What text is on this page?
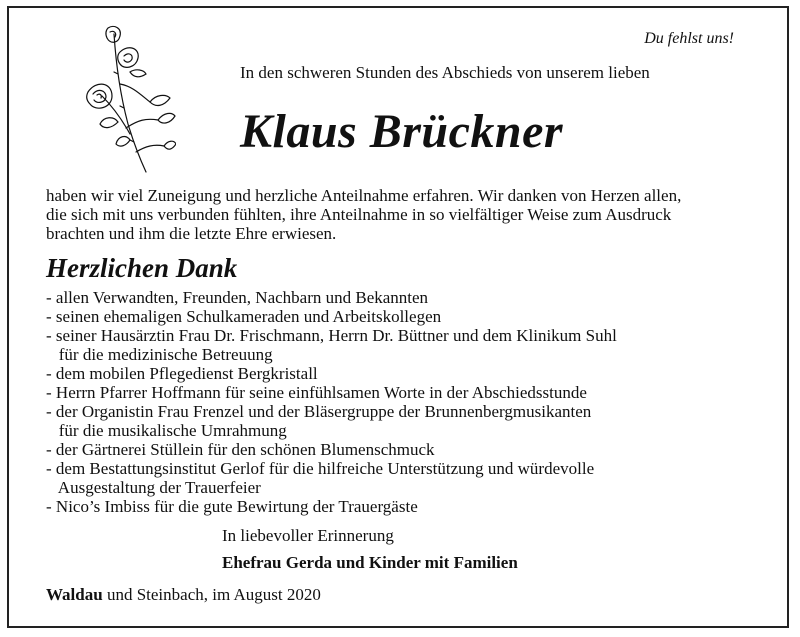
Du fehlst uns!
In den schweren Stunden des Abschieds von unserem lieben
Klaus Brückner
haben wir viel Zuneigung und herzliche Anteilnahme erfahren. Wir danken von Herzen allen,
die sich mit uns verbunden fühlten, ihre Anteilnahme in so vielfältiger Weise zum Ausdruck
brachten und ihm die letzte Ehre erwiesen.
Herzlichen Dank
- allen Verwandten, Freunden, Nachbarn und Bekannten
- seinen ehemaligen Schulkameraden und Arbeitskollegen
- seiner Hausärztin Frau Dr. Frischmann, Herrn Dr. Büttner und dem Klinikum Suhl
für die medizinische Betreuung
- dem mobilen Pflegedienst Bergkristall
- Herrn Pfarrer Hoffmann für seine einfühlsamen Worte in der Abschiedsstunde
- der Organistin Frau Frenzel und der Bläsergruppe der Brunnenbergmusikanten
für die musikalische Umrahmung
- der Gärtnerei Stüllein für den schönen Blumenschmuck
- dem Bestattungsinstitut Gerlof für die hilfreiche Unterstützung und würdevolle
Ausgestaltung der Trauerfeier
- Nico’s Imbiss für die gute Bewirtung der Trauergäste
In liebevoller Erinnerung
Ehefrau Gerda und Kinder mit Familien
Waldau und Steinbach, im August 2020
